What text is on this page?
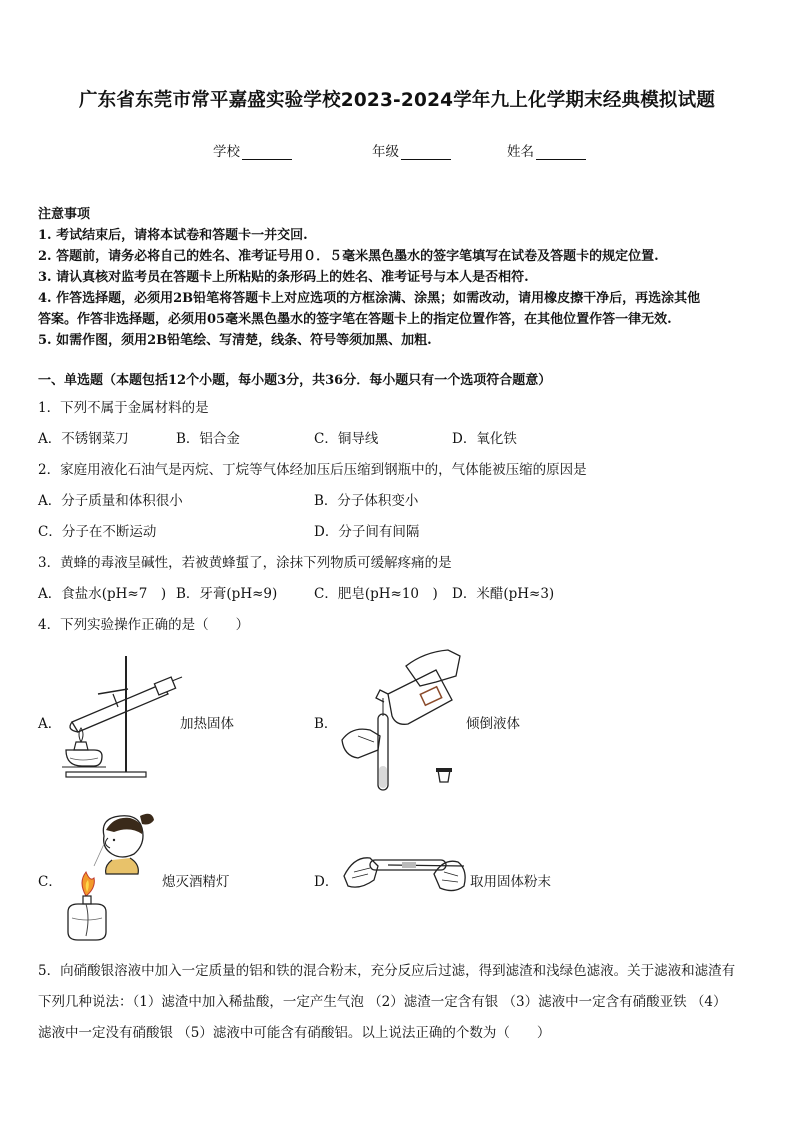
广东省东莞市常平嘉盛实验学校2023-2024学年九上化学期末经典模拟试题
学校	年级	姓名
注意事项
1. 考试结束后，请将本试卷和答题卡一并交回.
2. 答题前，请务必将自己的姓名、准考证号用０．５毫米黑色墨水的签字笔填写在试卷及答题卡的规定位置.
3. 请认真核对监考员在答题卡上所粘贴的条形码上的姓名、准考证号与本人是否相符.
4. 作答选择题，必须用2B铅笔将答题卡上对应选项的方框涂满、涂黑；如需改动，请用橡皮擦干净后，再选涂其他
答案。作答非选择题，必须用05毫米黑色墨水的签字笔在答题卡上的指定位置作答，在其他位置作答一律无效.
5. 如需作图，须用2B铅笔绘、写清楚，线条、符号等须加黑、加粗.
一、单选题（本题包括12个小题，每小题3分，共36分．每小题只有一个选项符合题意）
1．下列不属于金属材料的是
A．不锈钢菜刀	B．铝合金	C．铜导线	D．氧化铁
2．家庭用液化石油气是丙烷、丁烷等气体经加压后压缩到钢瓶中的，气体能被压缩的原因是
A．分子质量和体积很小	B．分子体积变小
C．分子在不断运动	D．分子间有间隔
3．黄蜂的毒液呈碱性，若被黄蜂蜇了，涂抹下列物质可缓解疼痛的是
A．食盐水(pH≈7　) B．牙膏(pH≈9)	C．肥皂(pH≈10　) D．米醋(pH≈3)
4．下列实验操作正确的是（　　）
A．	加热固体	B．	倾倒液体
C．	熄灭酒精灯	D．	取用固体粉末
5．向硝酸银溶液中加入一定质量的铝和铁的混合粉末，充分反应后过滤，得到滤渣和浅绿色滤液。关于滤液和滤渣有
下列几种说法：（1）滤渣中加入稀盐酸，一定产生气泡 （2）滤渣一定含有银 （3）滤液中一定含有硝酸亚铁 （4）
滤液中一定没有硝酸银 （5）滤液中可能含有硝酸铝。以上说法正确的个数为（　　）
